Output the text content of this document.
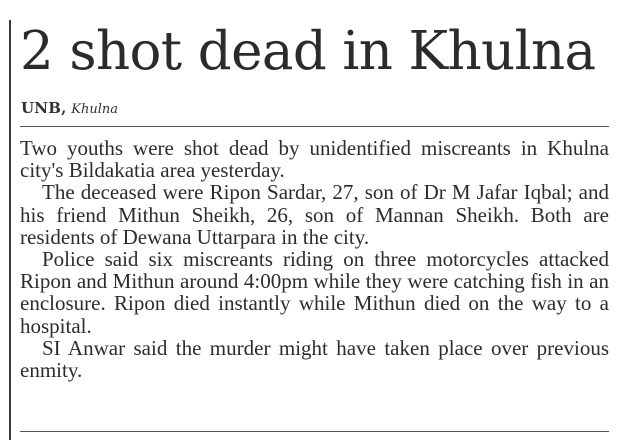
2 shot dead in Khulna
UNB, Khulna

Two youths were shot dead by unidentified miscreants in Khulna city's Bildakatia area yesterday.

The deceased were Ripon Sardar, 27, son of Dr M Jafar Iqbal; and his friend Mithun Sheikh, 26, son of Mannan Sheikh. Both are residents of Dewana Uttarpara in the city.

Police said six miscreants riding on three motorcycles attacked Ripon and Mithun around 4:00pm while they were catching fish in an enclosure. Ripon died instantly while Mithun died on the way to a hospital.

SI Anwar said the murder might have taken place over previous enmity.
